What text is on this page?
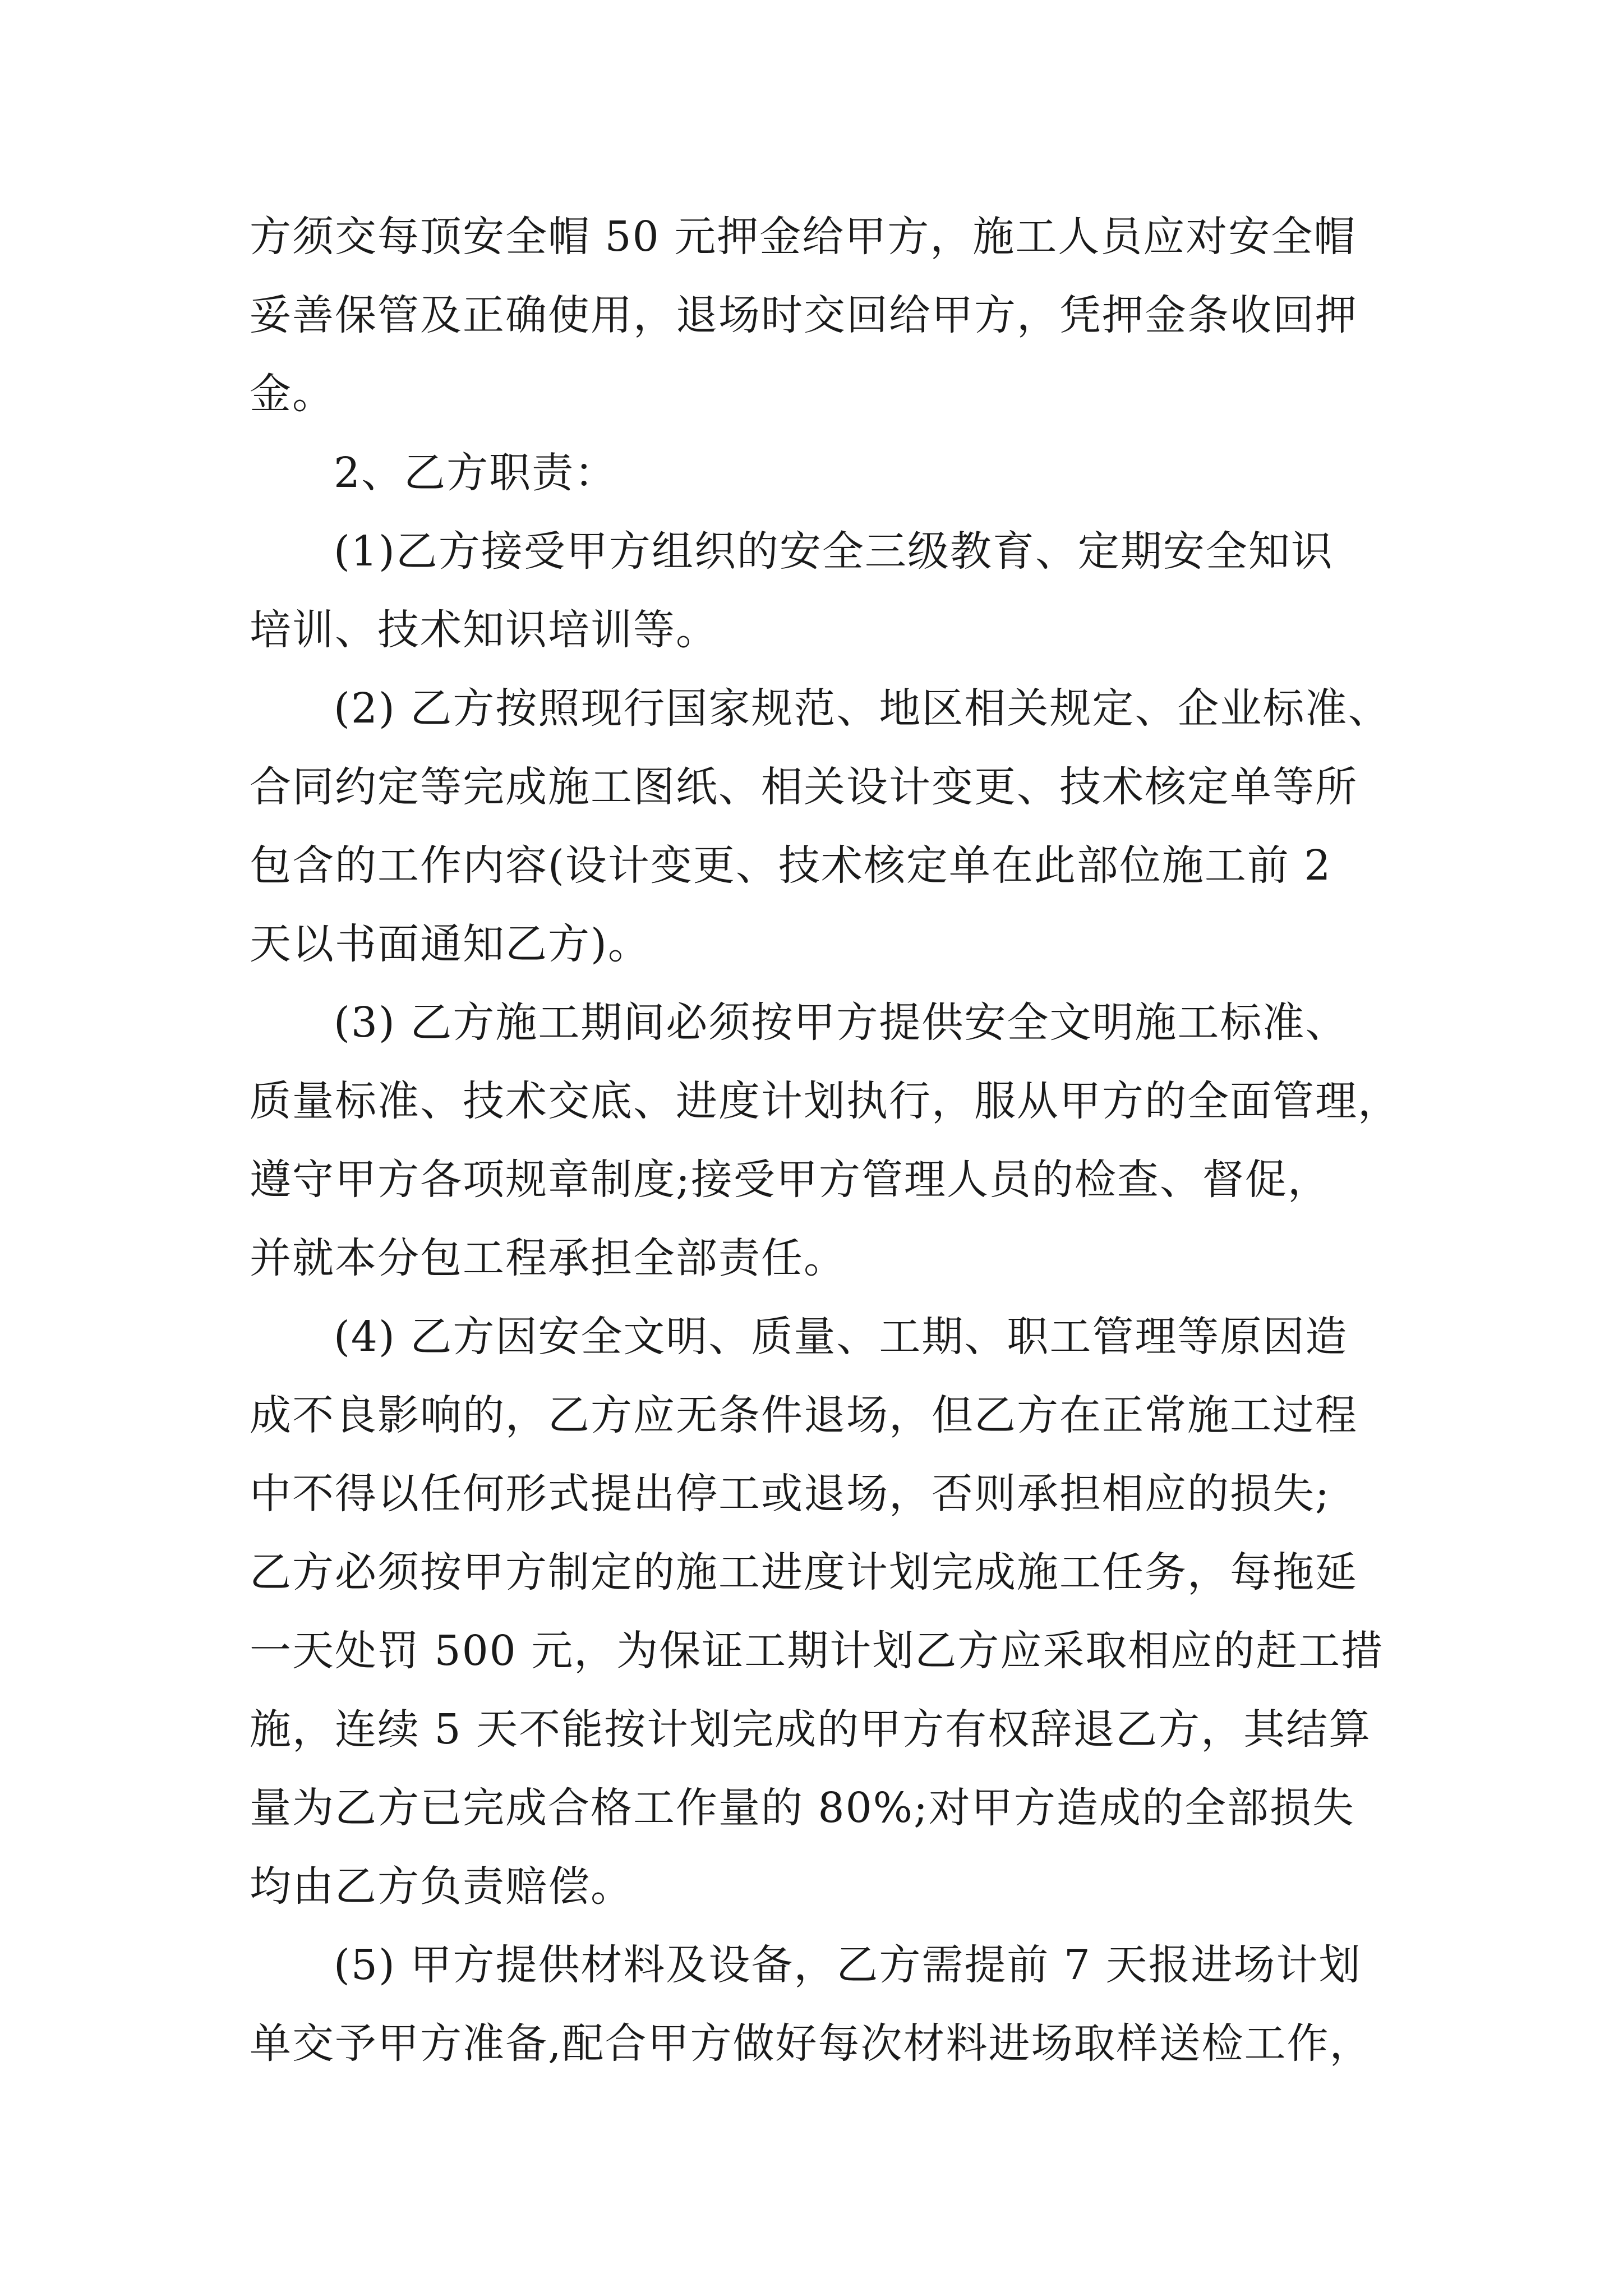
方须交每顶安全帽 50 元押金给甲方，施工人员应对安全帽
妥善保管及正确使用，退场时交回给甲方，凭押金条收回押
金。
2、乙方职责：
(1)乙方接受甲方组织的安全三级教育、定期安全知识
培训、技术知识培训等。
(2) 乙方按照现行国家规范、地区相关规定、企业标准、
合同约定等完成施工图纸、相关设计变更、技术核定单等所
包含的工作内容(设计变更、技术核定单在此部位施工前 2
天以书面通知乙方)。
(3) 乙方施工期间必须按甲方提供安全文明施工标准、
质量标准、技术交底、进度计划执行，服从甲方的全面管理，
遵守甲方各项规章制度;接受甲方管理人员的检查、督促，
并就本分包工程承担全部责任。
(4) 乙方因安全文明、质量、工期、职工管理等原因造
成不良影响的，乙方应无条件退场，但乙方在正常施工过程
中不得以任何形式提出停工或退场，否则承担相应的损失;
乙方必须按甲方制定的施工进度计划完成施工任务，每拖延
一天处罚 500 元，为保证工期计划乙方应采取相应的赶工措
施，连续 5 天不能按计划完成的甲方有权辞退乙方，其结算
量为乙方已完成合格工作量的 80%;对甲方造成的全部损失
均由乙方负责赔偿。
(5) 甲方提供材料及设备，乙方需提前 7 天报进场计划
单交予甲方准备,配合甲方做好每次材料进场取样送检工作，
